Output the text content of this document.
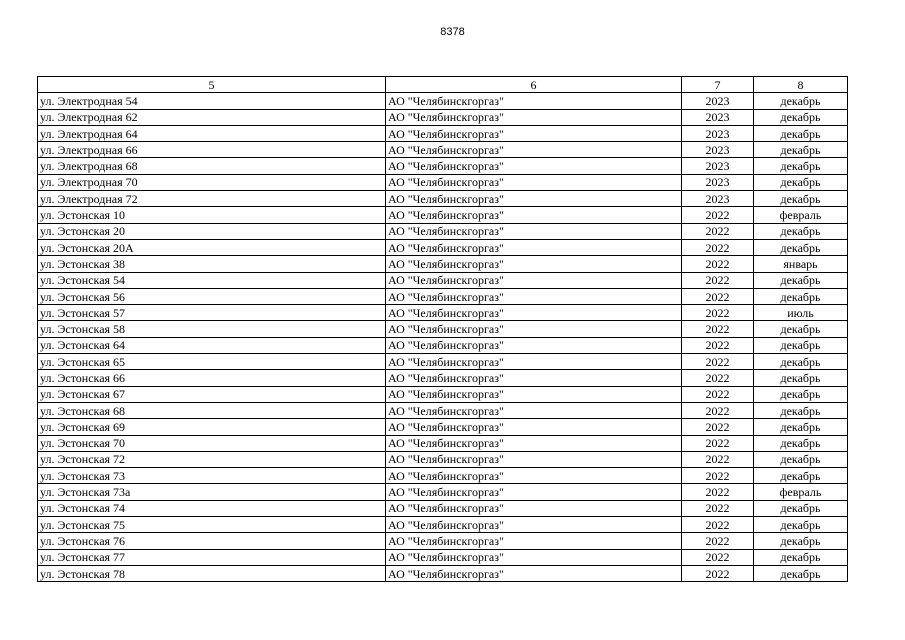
8378
5	6	7	8
ул. Электродная 54	АО "Челябинскгоргаз"	2023	декабрь
ул. Электродная 62	АО "Челябинскгоргаз"	2023	декабрь
ул. Электродная 64	АО "Челябинскгоргаз"	2023	декабрь
ул. Электродная 66	АО "Челябинскгоргаз"	2023	декабрь
ул. Электродная 68	АО "Челябинскгоргаз"	2023	декабрь
ул. Электродная 70	АО "Челябинскгоргаз"	2023	декабрь
ул. Электродная 72	АО "Челябинскгоргаз"	2023	декабрь
ул. Эстонская 10	АО "Челябинскгоргаз"	2022	февраль
ул. Эстонская 20	АО "Челябинскгоргаз"	2022	декабрь
ул. Эстонская 20А	АО "Челябинскгоргаз"	2022	декабрь
ул. Эстонская 38	АО "Челябинскгоргаз"	2022	январь
ул. Эстонская 54	АО "Челябинскгоргаз"	2022	декабрь
ул. Эстонская 56	АО "Челябинскгоргаз"	2022	декабрь
ул. Эстонская 57	АО "Челябинскгоргаз"	2022	июль
ул. Эстонская 58	АО "Челябинскгоргаз"	2022	декабрь
ул. Эстонская 64	АО "Челябинскгоргаз"	2022	декабрь
ул. Эстонская 65	АО "Челябинскгоргаз"	2022	декабрь
ул. Эстонская 66	АО "Челябинскгоргаз"	2022	декабрь
ул. Эстонская 67	АО "Челябинскгоргаз"	2022	декабрь
ул. Эстонская 68	АО "Челябинскгоргаз"	2022	декабрь
ул. Эстонская 69	АО "Челябинскгоргаз"	2022	декабрь
ул. Эстонская 70	АО "Челябинскгоргаз"	2022	декабрь
ул. Эстонская 72	АО "Челябинскгоргаз"	2022	декабрь
ул. Эстонская 73	АО "Челябинскгоргаз"	2022	декабрь
ул. Эстонская 73а	АО "Челябинскгоргаз"	2022	февраль
ул. Эстонская 74	АО "Челябинскгоргаз"	2022	декабрь
ул. Эстонская 75	АО "Челябинскгоргаз"	2022	декабрь
ул. Эстонская 76	АО "Челябинскгоргаз"	2022	декабрь
ул. Эстонская 77	АО "Челябинскгоргаз"	2022	декабрь
ул. Эстонская 78	АО "Челябинскгоргаз"	2022	декабрь
